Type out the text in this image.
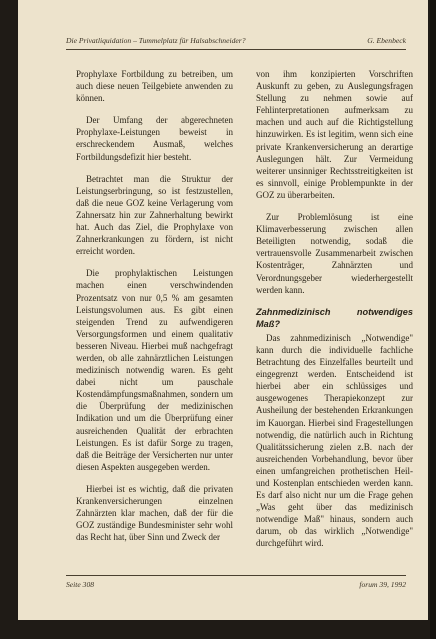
Die Privatliquidation – Tummelplatz für Halsabschneider?	G. Ebenbeck

Prophylaxe Fortbildung zu betreiben, um auch diese neuen Teilgebiete anwenden zu können.

Der Umfang der abgerechneten Prophylaxe-Leistungen beweist in erschreckendem Ausmaß, welches Fortbildungsdefizit hier besteht.

Betrachtet man die Struktur der Leistungserbringung, so ist festzustellen, daß die neue GOZ keine Verlagerung vom Zahnersatz hin zur Zahnerhaltung bewirkt hat. Auch das Ziel, die Prophylaxe von Zahnerkrankungen zu fördern, ist nicht erreicht worden.

Die prophylaktischen Leistungen machen einen verschwindenden Prozentsatz von nur 0,5 % am gesamten Leistungsvolumen aus. Es gibt einen steigenden Trend zu aufwendigeren Versorgungsformen und einem qualitativ besseren Niveau. Hierbei muß nachgefragt werden, ob alle zahnärztlichen Leistungen medizinisch notwendig waren. Es geht dabei nicht um pauschale Kostendämpfungsmaßnahmen, sondern um die Überprüfung der medizinischen Indikation und um die Überprüfung einer ausreichenden Qualität der erbrachten Leistungen. Es ist dafür Sorge zu tragen, daß die Beiträge der Versicherten nur unter diesen Aspekten ausgegeben werden.

Hierbei ist es wichtig, daß die privaten Krankenversicherungen einzelnen Zahnärzten klar machen, daß der für die GOZ zuständige Bundesminister sehr wohl das Recht hat, über Sinn und Zweck der

von ihm konzipierten Vorschriften Auskunft zu geben, zu Auslegungsfragen Stellung zu nehmen sowie auf Fehlinterpretationen aufmerksam zu machen und auch auf die Richtigstellung hinzuwirken. Es ist legitim, wenn sich eine private Krankenversicherung an derartige Auslegungen hält. Zur Vermeidung weiterer unsinniger Rechtsstreitigkeiten ist es sinnvoll, einige Problempunkte in der GOZ zu überarbeiten.

Zur Problemlösung ist eine Klimaverbesserung zwischen allen Beteiligten notwendig, sodaß die vertrauensvolle Zusammenarbeit zwischen Kostenträger, Zahnärzten und Verordnungsgeber wiederhergestellt werden kann.

Zahnmedizinisch notwendiges Maß?

Das zahnmedizinisch „Notwendige" kann durch die individuelle fachliche Betrachtung des Einzelfalles beurteilt und eingegrenzt werden. Entscheidend ist hierbei aber ein schlüssiges und ausgewogenes Therapiekonzept zur Ausheilung der bestehenden Erkrankungen im Kauorgan. Hierbei sind Fragestellungen notwendig, die natürlich auch in Richtung Qualitätssicherung zielen z.B. nach der ausreichenden Vorbehandlung, bevor über einen umfangreichen prothetischen Heil- und Kostenplan entschieden werden kann. Es darf also nicht nur um die Frage gehen „Was geht über das medizinisch notwendige Maß" hinaus, sondern auch darum, ob das wirklich „Notwendige" durchgeführt wird.

Seite 308	forum 39, 1992
